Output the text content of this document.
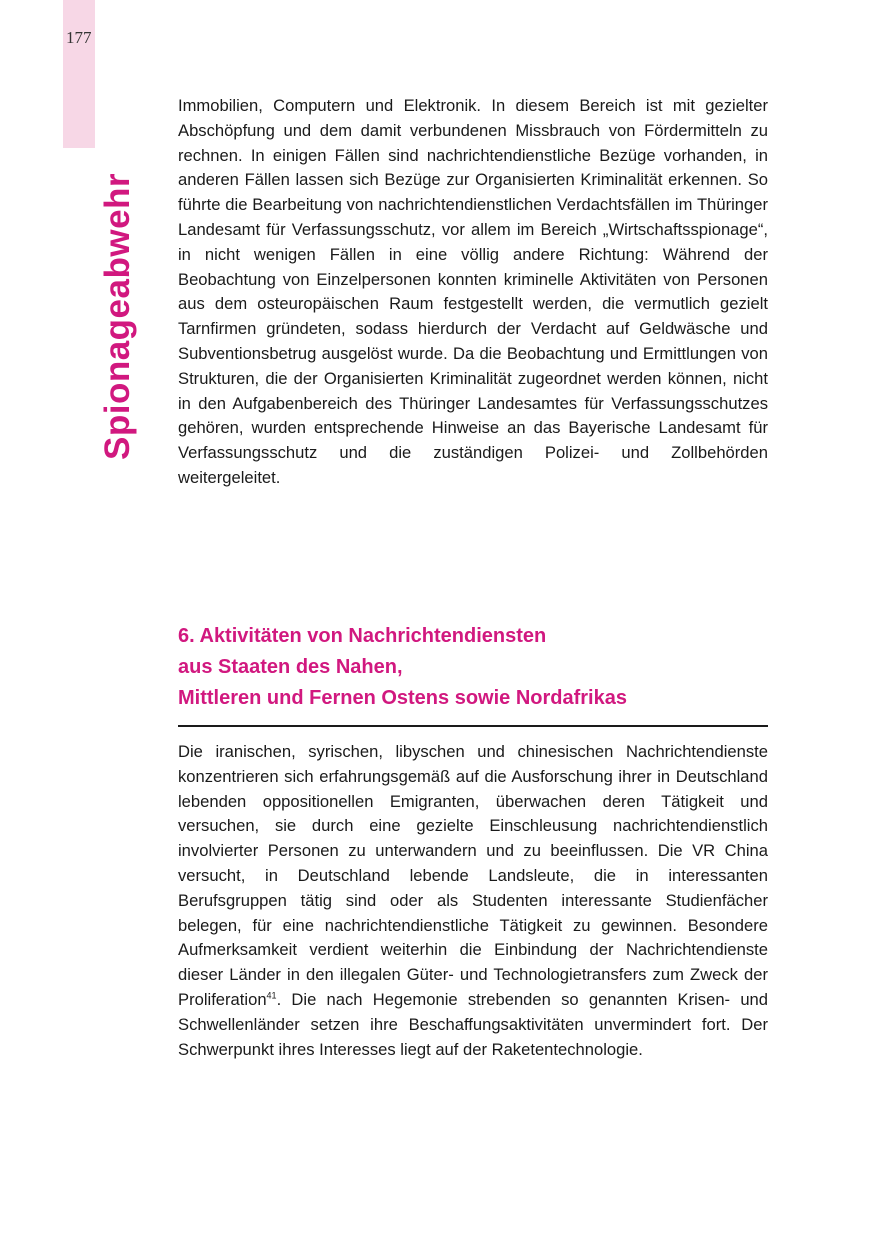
177
Spionageabwehr

Immobilien, Computern und Elektronik. In diesem Bereich ist mit gezielter Abschöpfung und dem damit verbundenen Missbrauch von Fördermitteln zu rechnen. In einigen Fällen sind nachrichtendienstliche Bezüge vorhanden, in anderen Fällen lassen sich Bezüge zur Organisierten Kriminalität erkennen. So führte die Bearbeitung von nachrichtendienstlichen Verdachtsfällen im Thüringer Landesamt für Verfassungsschutz, vor allem im Bereich „Wirtschaftsspionage“, in nicht wenigen Fällen in eine völlig andere Richtung: Während der Beobachtung von Einzelpersonen konnten kriminelle Aktivitäten von Personen aus dem osteuropäischen Raum festgestellt werden, die vermutlich gezielt Tarnfirmen gründeten, sodass hierdurch der Verdacht auf Geldwäsche und Subventionsbetrug ausgelöst wurde. Da die Beobachtung und Ermittlungen von Strukturen, die der Organisierten Kriminalität zugeordnet werden können, nicht in den Aufgabenbereich des Thüringer Landesamtes für Verfassungsschutzes gehören, wurden entsprechende Hinweise an das Bayerische Landesamt für Verfassungsschutz und die zuständigen Polizei- und Zollbehörden weitergeleitet.

6. Aktivitäten von Nachrichtendiensten
aus Staaten des Nahen,
Mittleren und Fernen Ostens sowie Nordafrikas

Die iranischen, syrischen, libyschen und chinesischen Nachrichtendienste konzentrieren sich erfahrungsgemäß auf die Ausforschung ihrer in Deutschland lebenden oppositionellen Emigranten, überwachen deren Tätigkeit und versuchen, sie durch eine gezielte Einschleusung nachrichtendienstlich involvierter Personen zu unterwandern und zu beeinflussen. Die VR China versucht, in Deutschland lebende Landsleute, die in interessanten Berufsgruppen tätig sind oder als Studenten interessante Studienfächer belegen, für eine nachrichtendienstliche Tätigkeit zu gewinnen. Besondere Aufmerksamkeit verdient weiterhin die Einbindung der Nachrichtendienste dieser Länder in den illegalen Güter- und Technologietransfers zum Zweck der Proliferation$^{41}$. Die nach Hegemonie strebenden so genannten Krisen- und Schwellenländer setzen ihre Beschaffungsaktivitäten unvermindert fort. Der Schwerpunkt ihres Interesses liegt auf der Raketentechnologie.
